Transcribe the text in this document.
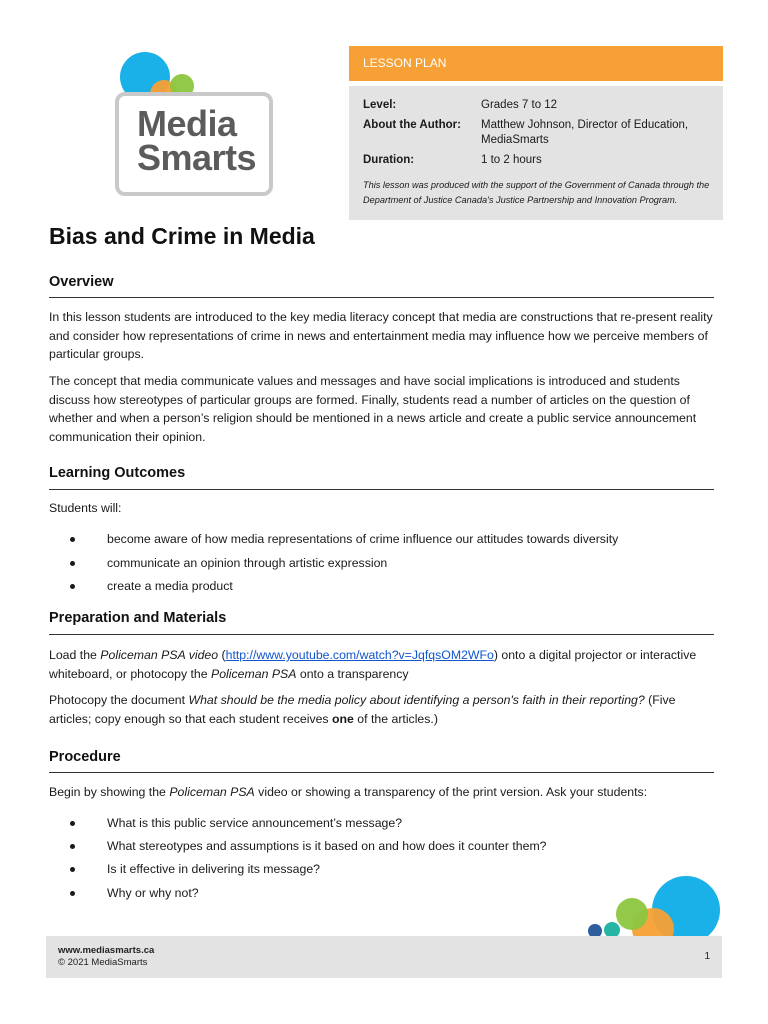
Media
Smarts
LESSON PLAN
Level:	Grades 7 to 12
About the Author: Matthew Johnson, Director of Education, MediaSmarts
Duration:	1 to 2 hours
This lesson was produced with the support of the Government of Canada through the Department of Justice Canada's Justice Partnership and Innovation Program.
Bias and Crime in Media
Overview

In this lesson students are introduced to the key media literacy concept that media are constructions that re-present reality and consider how representations of crime in news and entertainment media may influence how we perceive members of particular groups.

The concept that media communicate values and messages and have social implications is introduced and students discuss how stereotypes of particular groups are formed. Finally, students read a number of articles on the question of whether and when a person’s religion should be mentioned in a news article and create a public service announcement communication their opinion.

Learning Outcomes

Students will:

become aware of how media representations of crime influence our attitudes towards diversity
communicate an opinion through artistic expression
create a media product
Preparation and Materials

Load the Policeman PSA video (http://www.youtube.com/watch?v=JqfqsOM2WFo) onto a digital projector or interactive whiteboard, or photocopy the Policeman PSA onto a transparency

Photocopy the document What should be the media policy about identifying a person's faith in their reporting? (Five articles; copy enough so that each student receives one of the articles.)

Procedure

Begin by showing the Policeman PSA video or showing a transparency of the print version. Ask your students:

What is this public service announcement’s message?
What stereotypes and assumptions is it based on and how does it counter them?
Is it effective in delivering its message?
Why or why not?
www.mediasmarts.ca
© 2021 MediaSmarts
1
